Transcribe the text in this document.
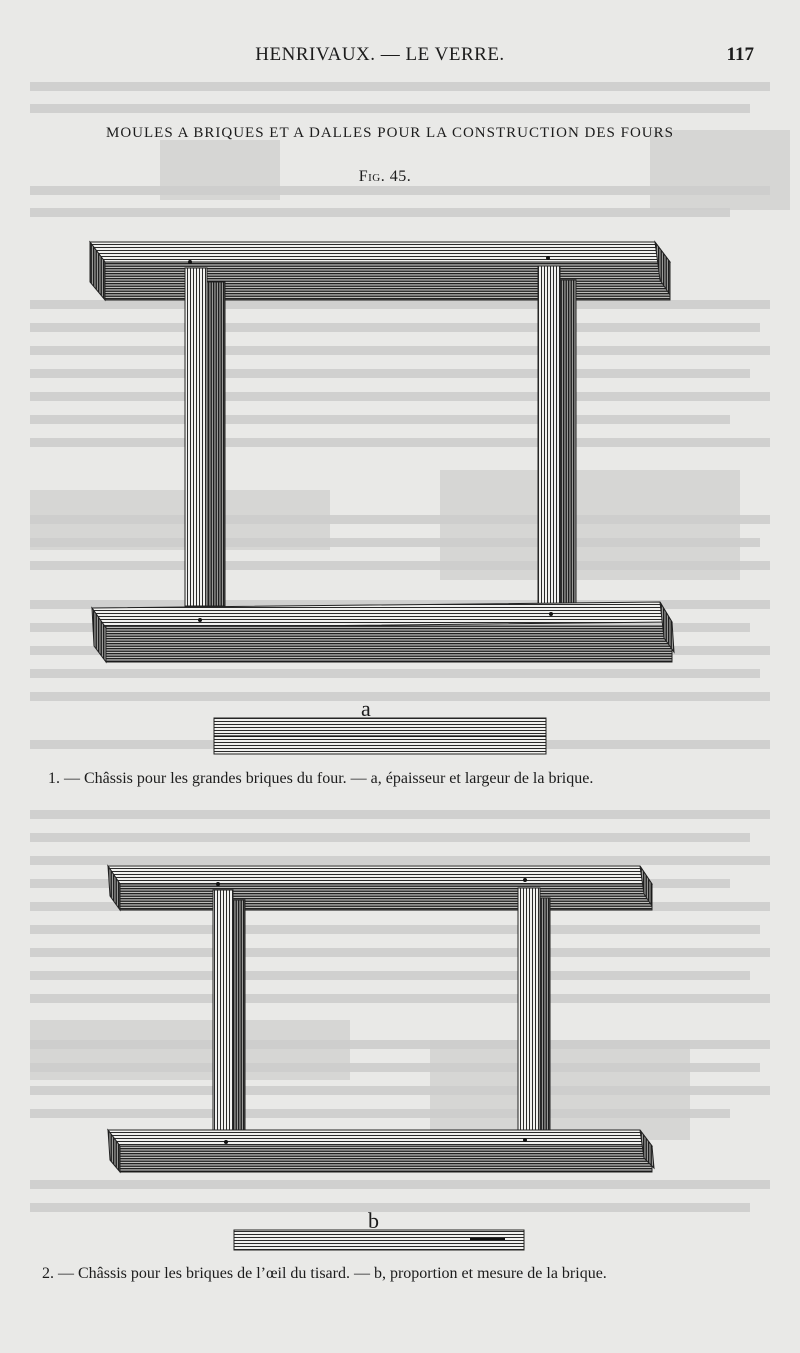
HENRIVAUX. — LE VERRE.	117
MOULES A BRIQUES ET A DALLES POUR LA CONSTRUCTION DES FOURS
Fig. 45.
a
1. — Châssis pour les grandes briques du four. — a, épaisseur et largeur de la brique.
b
2. — Châssis pour les briques de l’œil du tisard. — b, proportion et mesure de la brique.
